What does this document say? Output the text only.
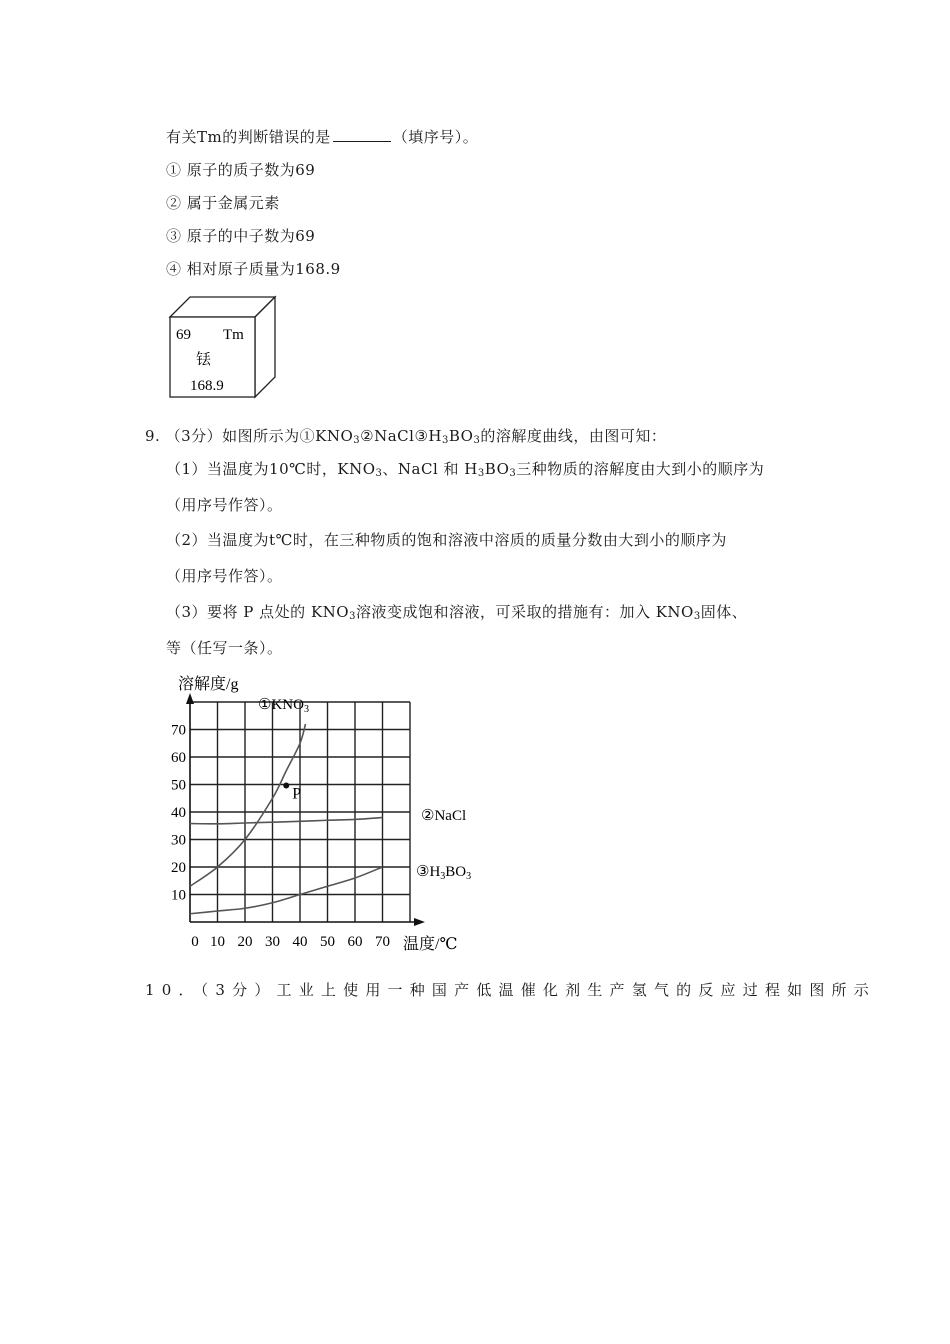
有关Tm的判断错误的是	（填序号）。
① 原子的质子数为69
② 属于金属元素
③ 原子的中子数为69
④ 相对原子质量为168.9
69 Tm
铥
168.9
9. （3分）如图所示为$①KNO_3②NaCl③H_3BO_3$的溶解度曲线，由图可知：
（1）当温度为10℃时，$KNO_3$、NaCl 和 $H_3BO_3$三种物质的溶解度由大到小的顺序为
（用序号作答）。
（2）当温度为t℃时，在三种物质的饱和溶液中溶质的质量分数由大到小的顺序为
（用序号作答）。
（3）要将 P 点处的 $KNO_3$溶液变成饱和溶液，可采取的措施有：加入 $KNO_3$固体、
等（任写一条）。
溶解度/g
温度/℃
0 10 20 30 40 50 60 70
10
20
30
40
50
60
70
$①KNO_3$
②NaCl
$③H_3BO_3$
P
10．（3分）工业上使用一种国产低温催化剂生产氢气的反应过程如图所示
